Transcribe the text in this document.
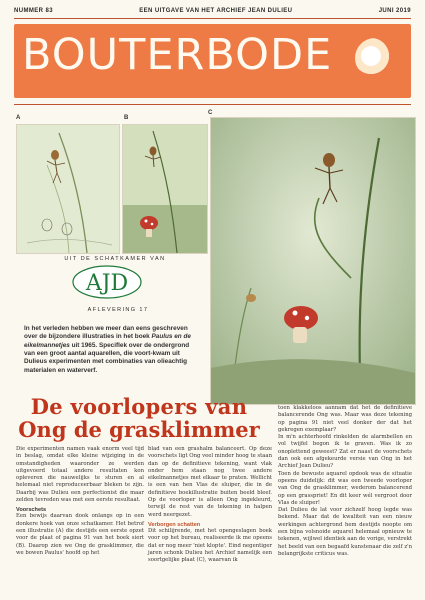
NUMMER 83	EEN UITGAVE VAN HET ARCHIEF JEAN DULIEU	JUNI 2019
BOUTERBODE
A	B
C
UIT DE SCHATKAMER VAN
AJD
AFLEVERING 17
In het verleden hebben we meer dan eens geschreven over de bijzondere illustraties in het boek Paulus en de eikelmannetjes uit 1965. Speciflek over de ondergrond van een groot aantal aquarellen, die voort-kwam uit Dulieus experimenten met combinaties van olieachtig materialen en waterverf.
De voorlopers van
Ong de grasklimmer
Die experimenten namen vaak enorm veel tijd in beslag, omdat elke kleine wijziging in de omstandigheden waaronder ze werden uitgevoerd totaal andere resultaten kon opleveren die nauwelijks te sturen en al helemaal niet reproduceerbaar bleken te zijn. Daarbij was Dulieu een perfectionist die maar zelden tevreden was met een eerste resultaat.
Voorschets
Een bewijs daarvan dook onlangs op in een donkere hoek van onze schatkamer. Het betrof een illustratie (A) die destijds een eerste opzet voor de plaat of pagina 91 van het boek siert (B). Daarop zien we Ong de grasklimmer, die we bowen Paulus' hoofd op het
blad van een grashalm balanceert. Op deze voorschets ligt Ong veel minder hoog te staan dan op de definitieve tekening, want vlak onder hem staan nog twee andere eikelmannetjes met elkaar te praten. Wellicht is een van hen Vlas de sluiper, die in de definitieve boekillustratie buiten beeld bleef. Op de voorloper is alleen Ong ingekleurd, terwijl de rest van de tekening in halpen werd neergezet.
Verborgen schatten
Dit schilijrende, met het opengeslagen boek voor op het bureau, realiseerde ik me opeens dat er nog meer 'niet klopte'. Eind negentiger jaren schonk Dulieu het Archief namelijk een soortgelijke plaat (C), waarvan ik
toen klakkeloos aannam dat het de definitieve balancerende Ong was. Maar was deze tekening op pagina 91 niet veel donker der dat het gekregen exemplaar?
In m'n achterhoofd rinkelden de alarmbellen en vol twijfel begon ik te graven. Was ik zo onoplettend geweest? Zat er naast de voorschets dan ook een afgekeurde versie van Ong in het Archief Jean Dulieu?
Toen de bewuste aquarel opdook was de situatie opeens duidelijk: dit was een tweede voorloper van Ong de grasklimmer, wederom balancerend op een grasspriet! En dit keer wél vergroot door Vlas de sluiper!
Dat Dulieu de lat voor zichzelf hoog legde was bekend. Maar dat de kwaliteit van een nieuw werkingen achtergrond hem destijds noopte om een bijna volsnoide aquarel helemaal opnieuw te tekenen, wijlwel identiek aan de vorige, verstrekt het beeld van een begaafd kunstenaar die zelf z'n belangrijkste criticus was.
